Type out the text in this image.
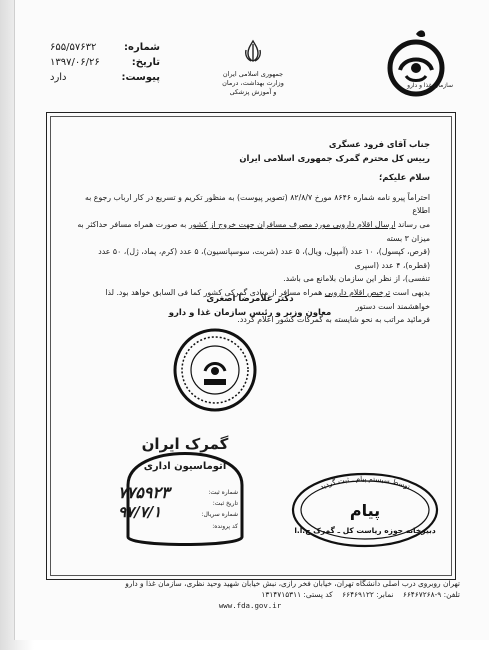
شماره:
۶۵۵/۵۷۶۳۲
تاریخ:
۱۳۹۷/۰۶/۲۶
پیوست:
دارد	جمهوری اسلامی ایران
وزارت بهداشت، درمان
و آموزش پزشکی
سازمان غذا و دارو
جناب آقای فرود عسگری
رییس کل محترم گمرک جمهوری اسلامی ایران
سلام علیکم؛
احتراماً پیرو نامه شماره ۸۶۴۶ مورخ ۸۲/۸/۷ (تصویر پیوست) به منظور تکریم و تسریع در کار ارباب رجوع به اطلاع
می رساند ارسال اقلام دارویی مورد مصرف مسافران جهت خروج از کشور به صورت همراه مسافر حداکثر به میزان ۳ بسته
(قرص، کپسول)، ۱۰ عدد (آمپول، ویال)، ۵ عدد (شربت، سوسپانسیون)، ۵ عدد (کرم، پماد، ژل)، ۵۰ عدد (قطره)، ۴ عدد (اسپری
تنفسی)، از نظر این سازمان بلامانع می باشد.
بدیهی است ترخیص اقلام دارویی همراه مسافر از مبادی گمرکی کشور کما فی السابق خواهد بود. لذا خواهشمند است دستور
فرمائید مراتب به نحو شایسته به گمرکات کشور اعلام گردد.
دکتر غلامرضا اصغری
معاون وزیر و رئیس سازمان غذا و دارو
گمرک ایران
اتوماسیون اداری
شماره ثبت:
تاریخ ثبت:
شماره سریال:
کد پرونده:
۷۷۵۹۲۳
۹۷/۷/۱
توسط سیستم پیام ـ ثبت گردید
پیام
دبیرخانه حوزه ریاست کل ـ گمرک ج.ا.ا
تهران روبروی درب اصلی دانشگاه تهران، خیابان فخر رازی، نبش خیابان شهید وحید نظری، سازمان غذا و دارو
تلفن: ۹-۶۶۴۶۷۲۶۸    نمابر: ۶۶۴۶۹۱۲۲    کد پستی: ۱۳۱۴۷۱۵۳۱۱
www.fda.gov.ir
